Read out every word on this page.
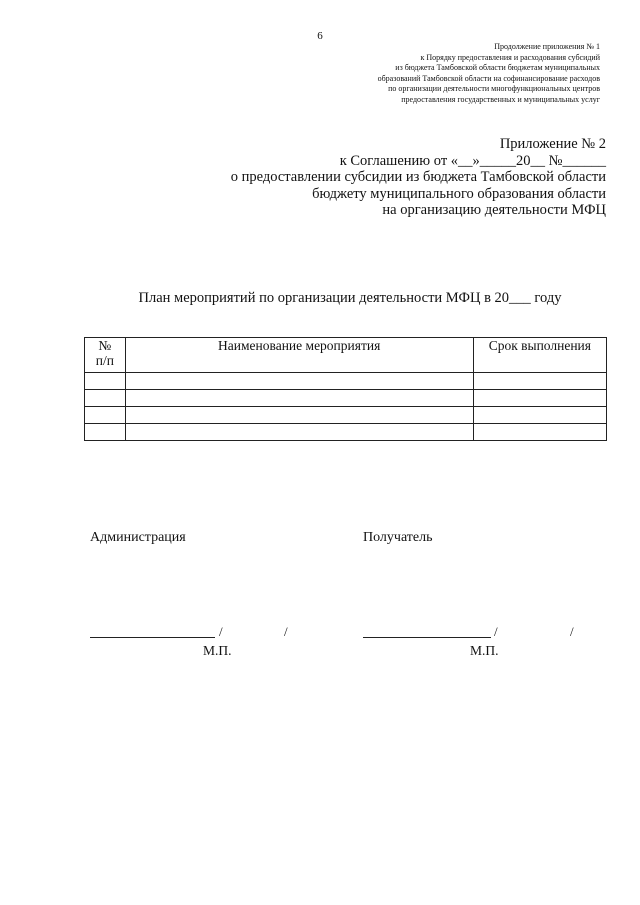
6
Продолжение приложения № 1
к Порядку предоставления и расходования субсидий
из бюджета Тамбовской области бюджетам муниципальных
образований Тамбовской области на софинансирование расходов
по организации деятельности многофункциональных центров
предоставления государственных и муниципальных услуг
Приложение № 2
к Соглашению от «__»_____20__ №______
о предоставлении субсидии из бюджета Тамбовской области
бюджету муниципального образования области
на организацию деятельности МФЦ
План мероприятий по организации деятельности МФЦ в 20___ году
№
п/п	Наименование мероприятия	Срок выполнения

Администрация	Получатель
/	/
М.П.
/	/
М.П.
